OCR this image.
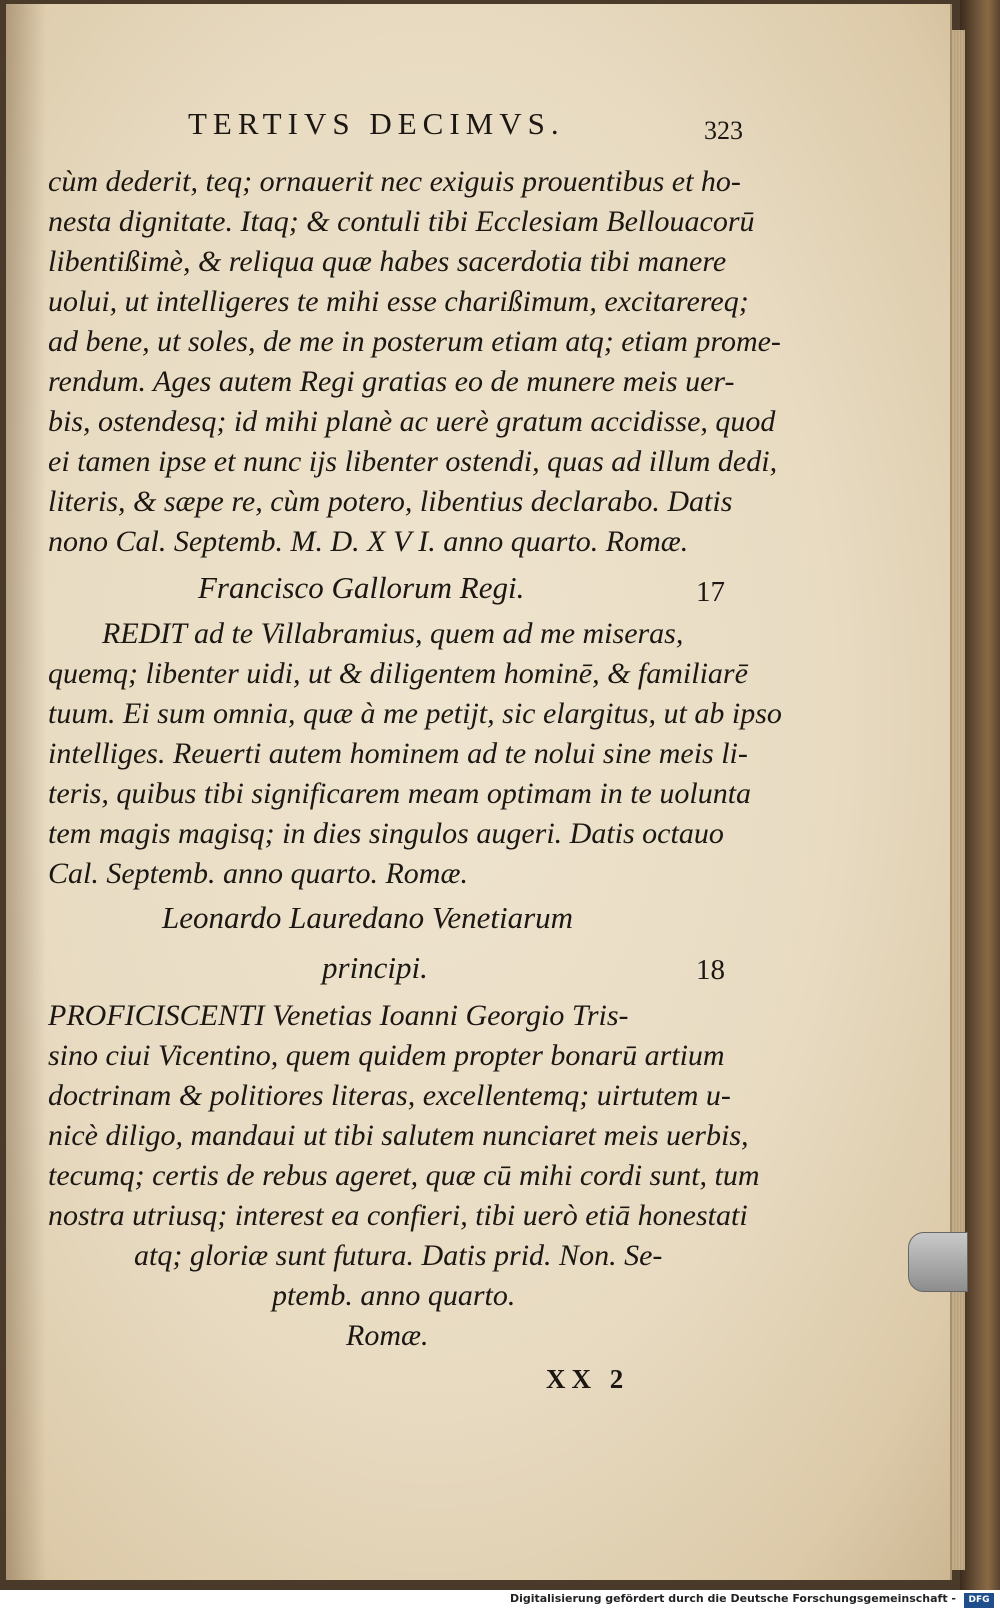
TERTIVS DECIMVS.	323
cùm dederit, teq; ornauerit nec exiguis prouentibus et ho-
nesta dignitate. Itaq; & contuli tibi Ecclesiam Bellouacorū
libentißimè, & reliqua quæ habes sacerdotia tibi manere
uolui, ut intelligeres te mihi esse charißimum, excitarereq;
ad bene, ut soles, de me in posterum etiam atq; etiam prome-
rendum. Ages autem Regi gratias eo de munere meis uer-
bis, ostendesq; id mihi planè ac uerè gratum accidisse, quod
ei tamen ipse et nunc ijs libenter ostendi, quas ad illum dedi,
literis, & sæpe re, cùm potero, libentius declarabo. Datis
nono Cal. Septemb. M. D. X V I. anno quarto. Romæ.
Francisco Gallorum Regi.	17
REDIT ad te Villabramius, quem ad me miseras,
quemq; libenter uidi, ut & diligentem hominē, & familiarē
tuum. Ei sum omnia, quæ à me petijt, sic elargitus, ut ab ipso
intelliges. Reuerti autem hominem ad te nolui sine meis li-
teris, quibus tibi significarem meam optimam in te uolunta
tem magis magisq; in dies singulos augeri. Datis octauo
Cal. Septemb. anno quarto. Romæ.
Leonardo Lauredano Venetiarum
principi.	18
PROFICISCENTI Venetias Ioanni Georgio Tris-
sino ciui Vicentino, quem quidem propter bonarū artium
doctrinam & politiores literas, excellentemq; uirtutem u-
nicè diligo, mandaui ut tibi salutem nunciaret meis uerbis,
tecumq; certis de rebus ageret, quæ cū mihi cordi sunt, tum
nostra utriusq; interest ea confieri, tibi uerò etiā honestati
atq; gloriæ sunt futura. Datis prid. Non. Se-
ptemb. anno quarto.
Romæ.
XX 2
Digitalisierung gefördert durch die Deutsche Forschungsgemeinschaft -	DFG
